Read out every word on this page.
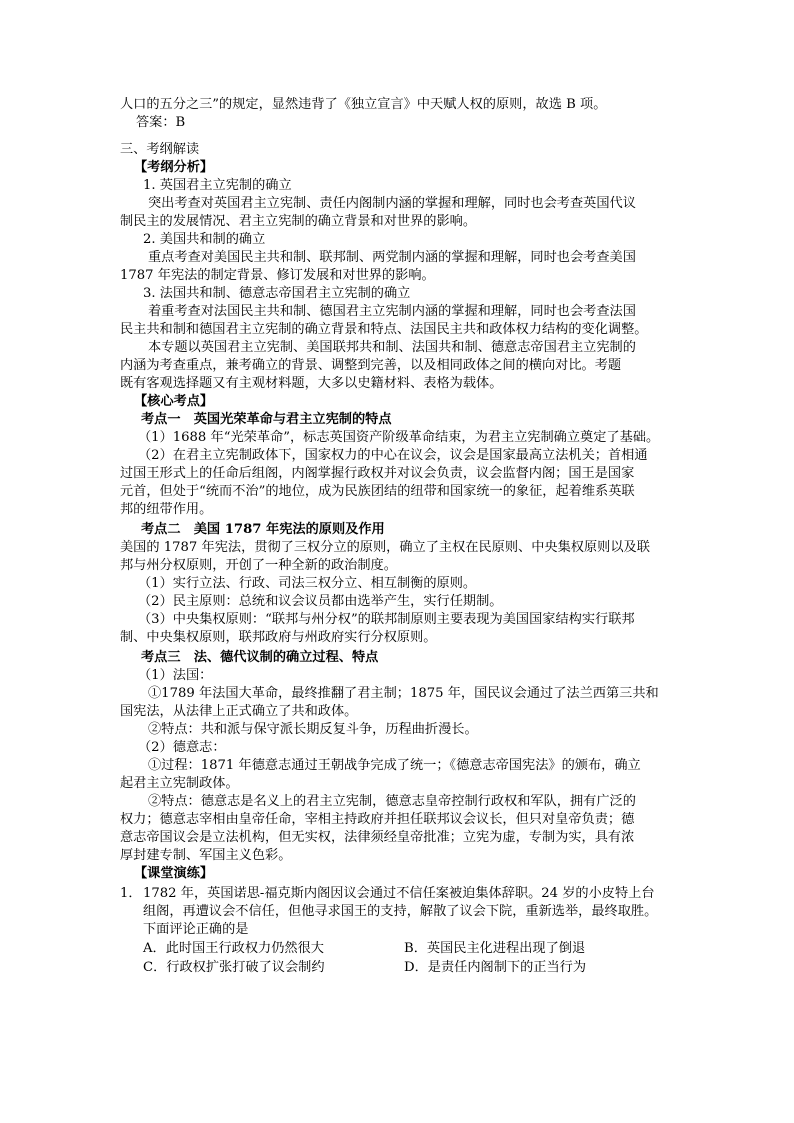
人口的五分之三”的规定，显然违背了《独立宣言》中天赋人权的原则，故选 B 项。
答案：B
三、考纲解读
【考纲分析】
1. 英国君主立宪制的确立
突出考查对英国君主立宪制、责任内阁制内涵的掌握和理解，同时也会考查英国代议
制民主的发展情况、君主立宪制的确立背景和对世界的影响。
2. 美国共和制的确立
重点考查对美国民主共和制、联邦制、两党制内涵的掌握和理解，同时也会考查美国
1787 年宪法的制定背景、修订发展和对世界的影响。
3. 法国共和制、德意志帝国君主立宪制的确立
着重考查对法国民主共和制、德国君主立宪制内涵的掌握和理解，同时也会考查法国
民主共和制和德国君主立宪制的确立背景和特点、法国民主共和政体权力结构的变化调整。
本专题以英国君主立宪制、美国联邦共和制、法国共和制、德意志帝国君主立宪制的
内涵为考查重点，兼考确立的背景、调整到完善，以及相同政体之间的横向对比。考题
既有客观选择题又有主观材料题，大多以史籍材料、表格为载体。
【核心考点】
考点一　英国光荣革命与君主立宪制的特点
（1）1688 年“光荣革命”，标志英国资产阶级革命结束，为君主立宪制确立奠定了基础。
（2）在君主立宪制政体下，国家权力的中心在议会，议会是国家最高立法机关；首相通
过国王形式上的任命后组阁，内阁掌握行政权并对议会负责，议会监督内阁；国王是国家
元首，但处于“统而不治”的地位，成为民族团结的纽带和国家统一的象征，起着维系英联
邦的纽带作用。
考点二　美国 1787 年宪法的原则及作用
美国的 1787 年宪法，贯彻了三权分立的原则，确立了主权在民原则、中央集权原则以及联
邦与州分权原则，开创了一种全新的政治制度。
（1）实行立法、行政、司法三权分立、相互制衡的原则。
（2）民主原则：总统和议会议员都由选举产生，实行任期制。
（3）中央集权原则：“联邦与州分权”的联邦制原则主要表现为美国国家结构实行联邦
制、中央集权原则，联邦政府与州政府实行分权原则。
考点三　法、德代议制的确立过程、特点
（1）法国：
①1789 年法国大革命，最终推翻了君主制；1875 年，国民议会通过了法兰西第三共和
国宪法，从法律上正式确立了共和政体。
②特点：共和派与保守派长期反复斗争，历程曲折漫长。
（2）德意志：
①过程：1871 年德意志通过王朝战争完成了统一；《德意志帝国宪法》的颁布，确立
起君主立宪制政体。
②特点：德意志是名义上的君主立宪制，德意志皇帝控制行政权和军队，拥有广泛的
权力；德意志宰相由皇帝任命，宰相主持政府并担任联邦议会议长，但只对皇帝负责；德
意志帝国议会是立法机构，但无实权，法律须经皇帝批准；立宪为虚，专制为实，具有浓
厚封建专制、军国主义色彩。
【课堂演练】
1． 1782 年，英国诺思-福克斯内阁因议会通过不信任案被迫集体辞职。24 岁的小皮特上台
组阁，再遭议会不信任，但他寻求国王的支持，解散了议会下院，重新选举，最终取胜。
下面评论正确的是
A．此时国王行政权力仍然很大	B．英国民主化进程出现了倒退
C．行政权扩张打破了议会制约	D．是责任内阁制下的正当行为
